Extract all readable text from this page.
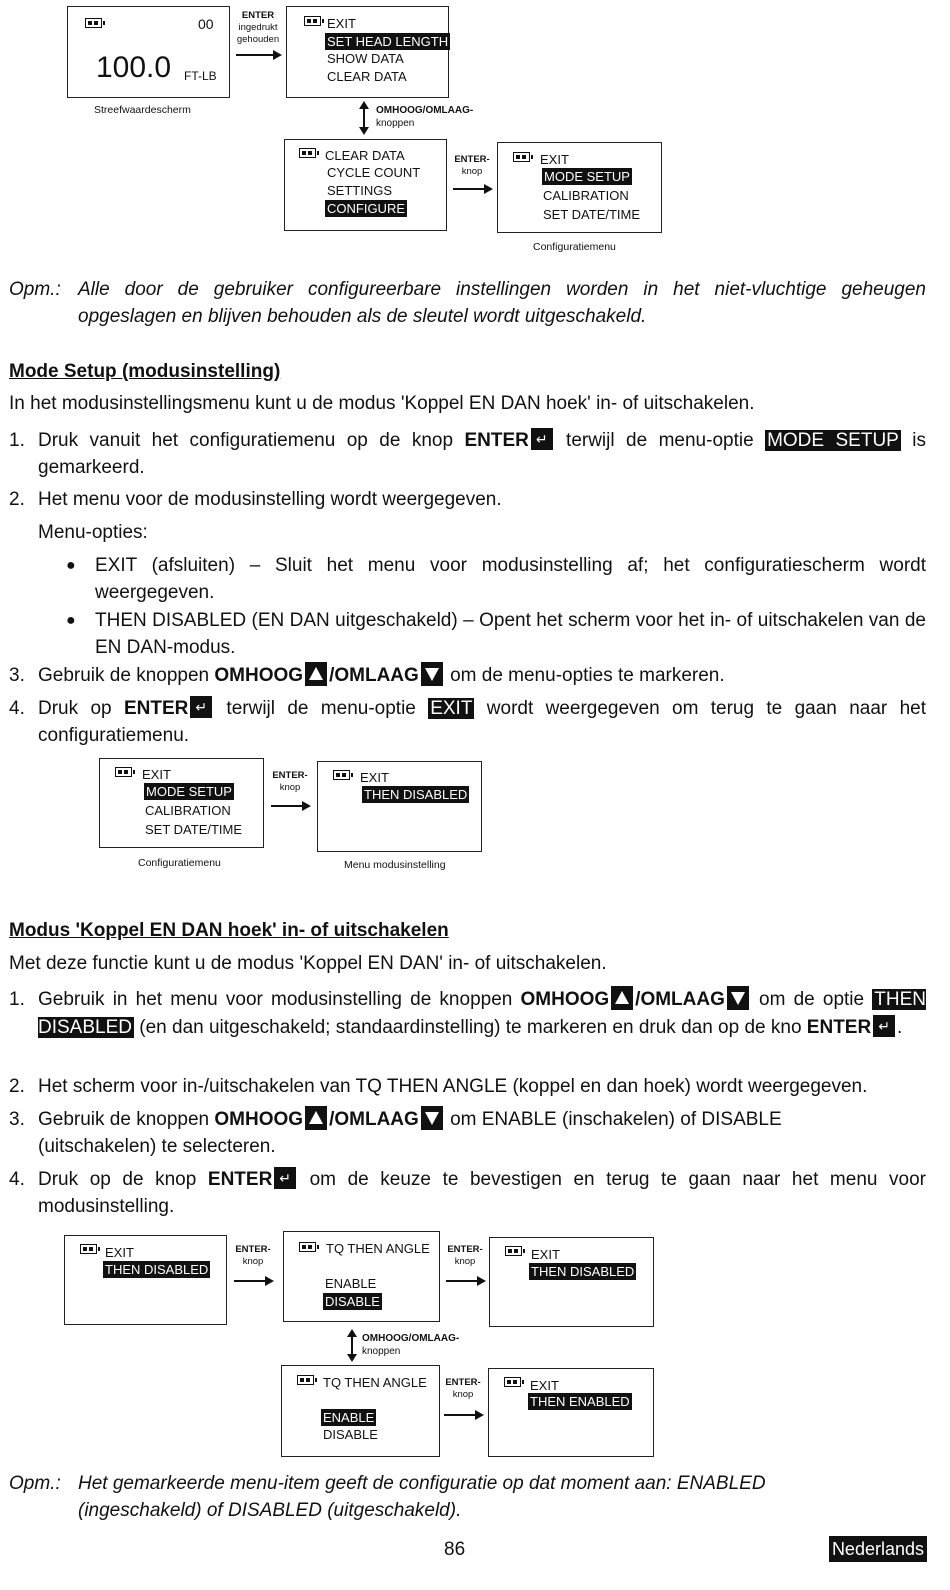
00
100.0 FT-LB
Streefwaardescherm
ENTER
ingedrukt
gehouden
EXIT
SET HEAD LENGTH
SHOW DATA
CLEAR DATA
OMHOOG/OMLAAG-
knoppen
CLEAR DATA
CYCLE COUNT
SETTINGS
CONFIGURE
ENTER-
knop
EXIT
MODE SETUP
CALIBRATION
SET DATE/TIME
Configuratiemenu
Opm.: Alle door de gebruiker configureerbare instellingen worden in het niet-vluchtige geheugen opgeslagen en blijven behouden als de sleutel wordt uitgeschakeld.
Mode Setup (modusinstelling)
In het modusinstellingsmenu kunt u de modus 'Koppel EN DAN hoek' in- of uitschakelen.
1. Druk vanuit het configuratiemenu op de knop ENTER ↵ terwijl de menu-optie MODE SETUP is gemarkeerd.
2. Het menu voor de modusinstelling wordt weergegeven.
Menu-opties:
● EXIT (afsluiten) – Sluit het menu voor modusinstelling af; het configuratiescherm wordt weergegeven.
● THEN DISABLED (EN DAN uitgeschakeld) – Opent het scherm voor het in- of uitschakelen van de EN DAN-modus.
3. Gebruik de knoppen OMHOOG /OMLAAG om de menu-opties te markeren.
4. Druk op ENTER ↵ terwijl de menu-optie EXIT wordt weergegeven om terug te gaan naar het configuratiemenu.
EXIT
MODE SETUP
CALIBRATION
SET DATE/TIME
Configuratiemenu
ENTER-
knop
EXIT
THEN DISABLED
Menu modusinstelling
Modus 'Koppel EN DAN hoek' in- of uitschakelen
Met deze functie kunt u de modus 'Koppel EN DAN' in- of uitschakelen.
1. Gebruik in het menu voor modusinstelling de knoppen OMHOOG /OMLAAG om de optie THEN DISABLED (en dan uitgeschakeld; standaardinstelling) te markeren en druk dan op de kno ENTER ↵ .
2. Het scherm voor in-/uitschakelen van TQ THEN ANGLE (koppel en dan hoek) wordt weergegeven.
3. Gebruik de knoppen OMHOOG /OMLAAG om ENABLE (inschakelen) of DISABLE (uitschakelen) te selecteren.
4. Druk op de knop ENTER ↵ om de keuze te bevestigen en terug te gaan naar het menu voor modusinstelling.
EXIT
THEN DISABLED
ENTER-
knop
TQ THEN ANGLE
ENABLE
DISABLE
ENTER-
knop	EXIT
THEN DISABLED
OMHOOG/OMLAAG-
knoppen
TQ THEN ANGLE
ENABLE
DISABLE
ENTER-
knop
EXIT
THEN ENABLED
Opm.: Het gemarkeerde menu-item geeft de configuratie op dat moment aan: ENABLED (ingeschakeld) of DISABLED (uitgeschakeld).
86	Nederlands
